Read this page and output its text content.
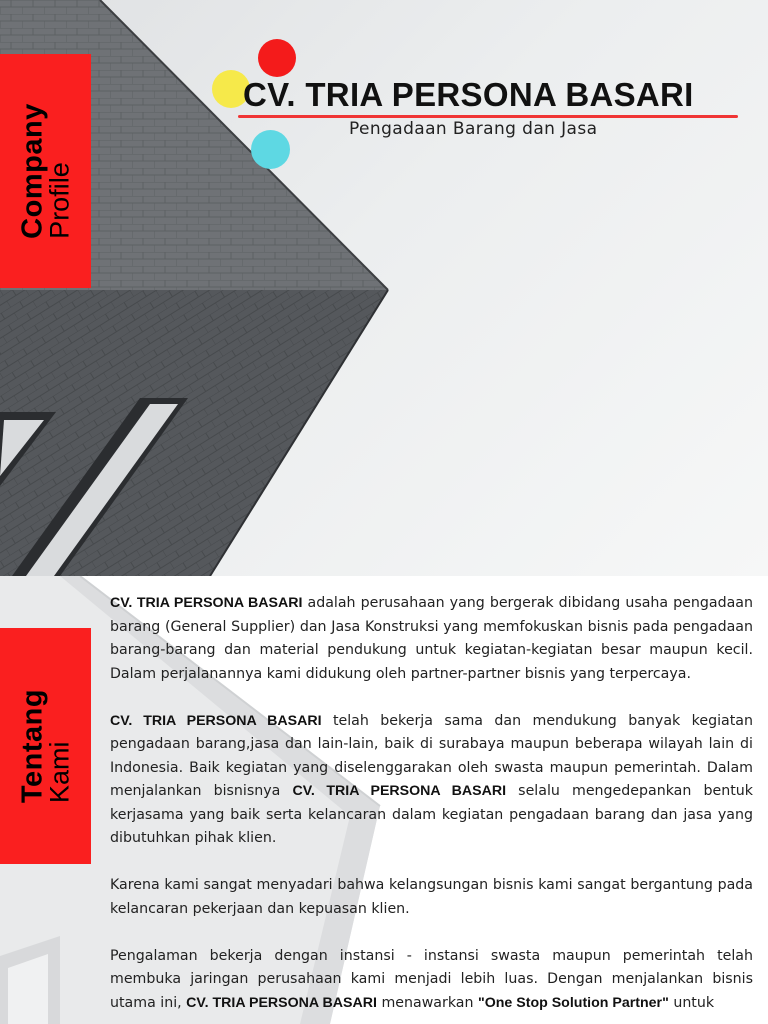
Company
Profile
CV. TRIA PERSONA BASARI
Pengadaan Barang dan Jasa
Tentang
Kami

CV. TRIA PERSONA BASARI adalah perusahaan yang bergerak dibidang usaha pengadaan barang (General Supplier) dan Jasa Konstruksi yang memfokuskan bisnis pada pengadaan barang-barang dan material pendukung untuk kegiatan-kegiatan besar maupun kecil. Dalam perjalanannya kami didukung oleh partner-partner bisnis yang terpercaya.

CV. TRIA PERSONA BASARI telah bekerja sama dan mendukung banyak kegiatan pengadaan barang,jasa dan lain-lain, baik di surabaya maupun beberapa wilayah lain di Indonesia. Baik kegiatan yang diselenggarakan oleh swasta maupun pemerintah. Dalam menjalankan bisnisnya CV. TRIA PERSONA BASARI selalu mengedepankan bentuk kerjasama yang baik serta kelancaran dalam kegiatan pengadaan barang dan jasa yang dibutuhkan pihak klien.

Karena kami sangat menyadari bahwa kelangsungan bisnis kami sangat bergantung pada kelancaran pekerjaan dan kepuasan klien.

Pengalaman bekerja dengan instansi - instansi swasta maupun pemerintah telah membuka jaringan perusahaan kami menjadi lebih luas. Dengan menjalankan bisnis utama ini, CV. TRIA PERSONA BASARI menawarkan "One Stop Solution Partner" untuk
